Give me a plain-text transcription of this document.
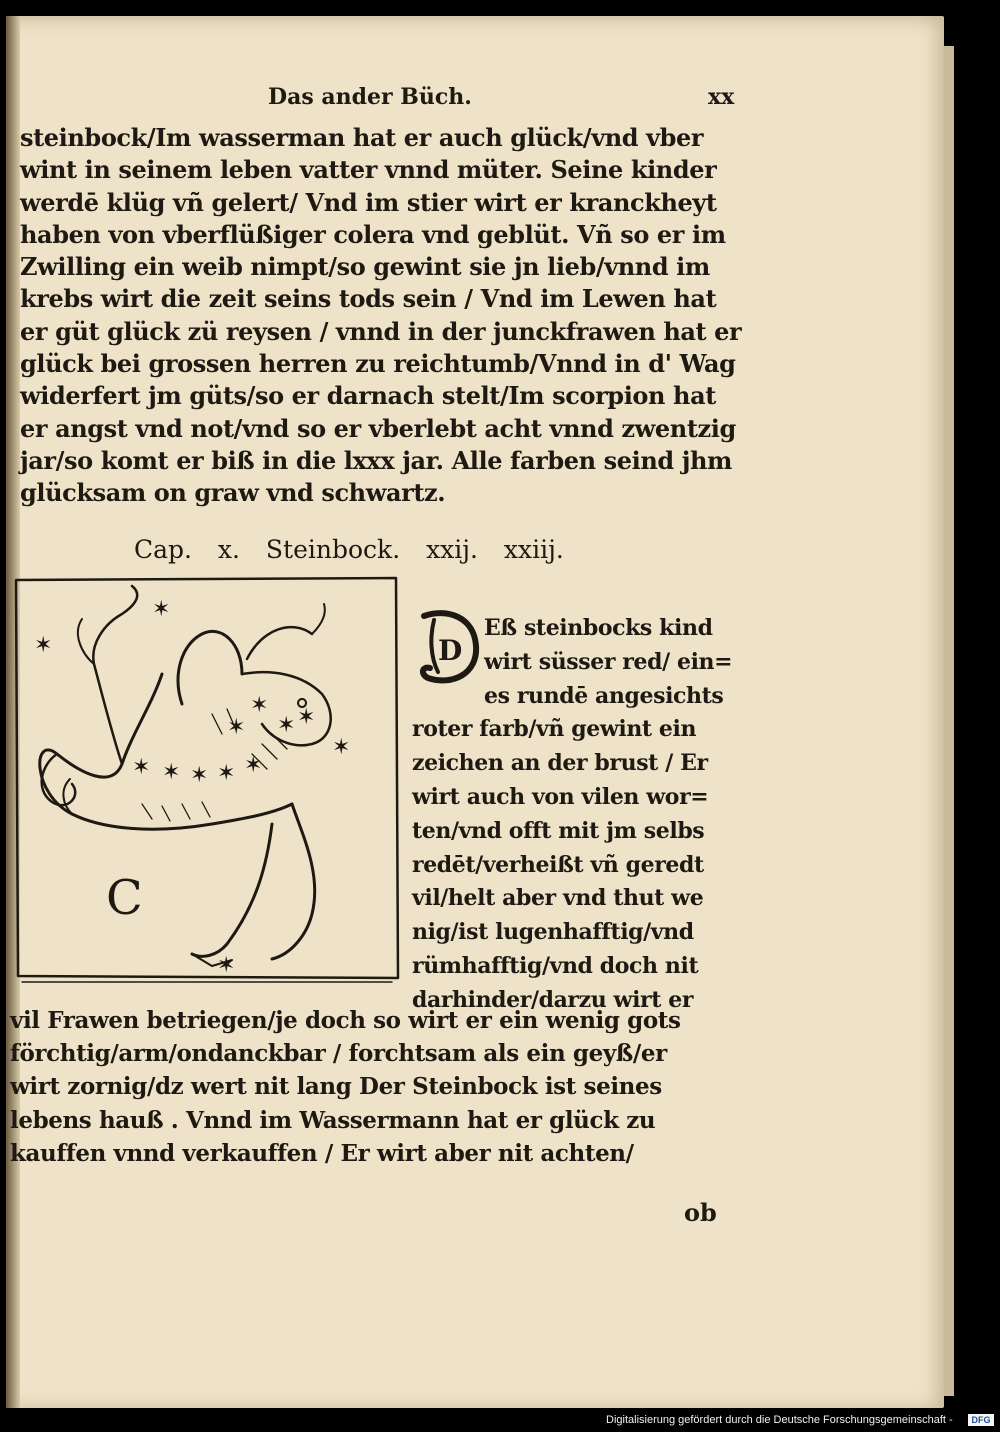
Das ander Büch.	xx
steinbock/Im wasserman hat er auch glück/vnd vber
wint in seinem leben vatter vnnd müter. Seine kinder
werdē klüg vñ gelert/ Vnd im stier wirt er kranckheyt
haben von vberflüßiger colera vnd geblüt. Vñ so er im
Zwilling ein weib nimpt/so gewint sie jn lieb/vnnd im
krebs wirt die zeit seins tods sein / Vnd im Lewen hat
er güt glück zü reysen / vnnd in der junckfrawen hat er
glück bei grossen herren zu reichtumb/Vnnd in d' Wag
widerfert jm güts/so er darnach stelt/Im scorpion hat
er angst vnd not/vnd so er vberlebt acht vnnd zwentzig
jar/so komt er biß in die lxxx jar. Alle farben seind jhm
glücksam on graw vnd schwartz.
Cap. x. Steinbock. xxij. xxiij.
✶
✶
✶ ✶ ✶ ✶ ✶
✶ ✶
✶
✶
✶
✶
C
D
Eß steinbocks kind
wirt süsser red/ ein=
es rundē angesichts
roter farb/vñ gewint ein
zeichen an der brust / Er
wirt auch von vilen wor=
ten/vnd offt mit jm selbs
redēt/verheißt vñ geredt
vil/helt aber vnd thut we
nig/ist lugenhafftig/vnd
rümhafftig/vnd doch nit
darhinder/darzu wirt er
vil Frawen betriegen/je doch so wirt er ein wenig gots
förchtig/arm/ondanckbar / forchtsam als ein geyß/er
wirt zornig/dz wert nit lang Der Steinbock ist seines
lebens hauß . Vnnd im Wassermann hat er glück zu
kauffen vnnd verkauffen / Er wirt aber nit achten/
ob
Digitalisierung gefördert durch die Deutsche Forschungsgemeinschaft -	DFG
